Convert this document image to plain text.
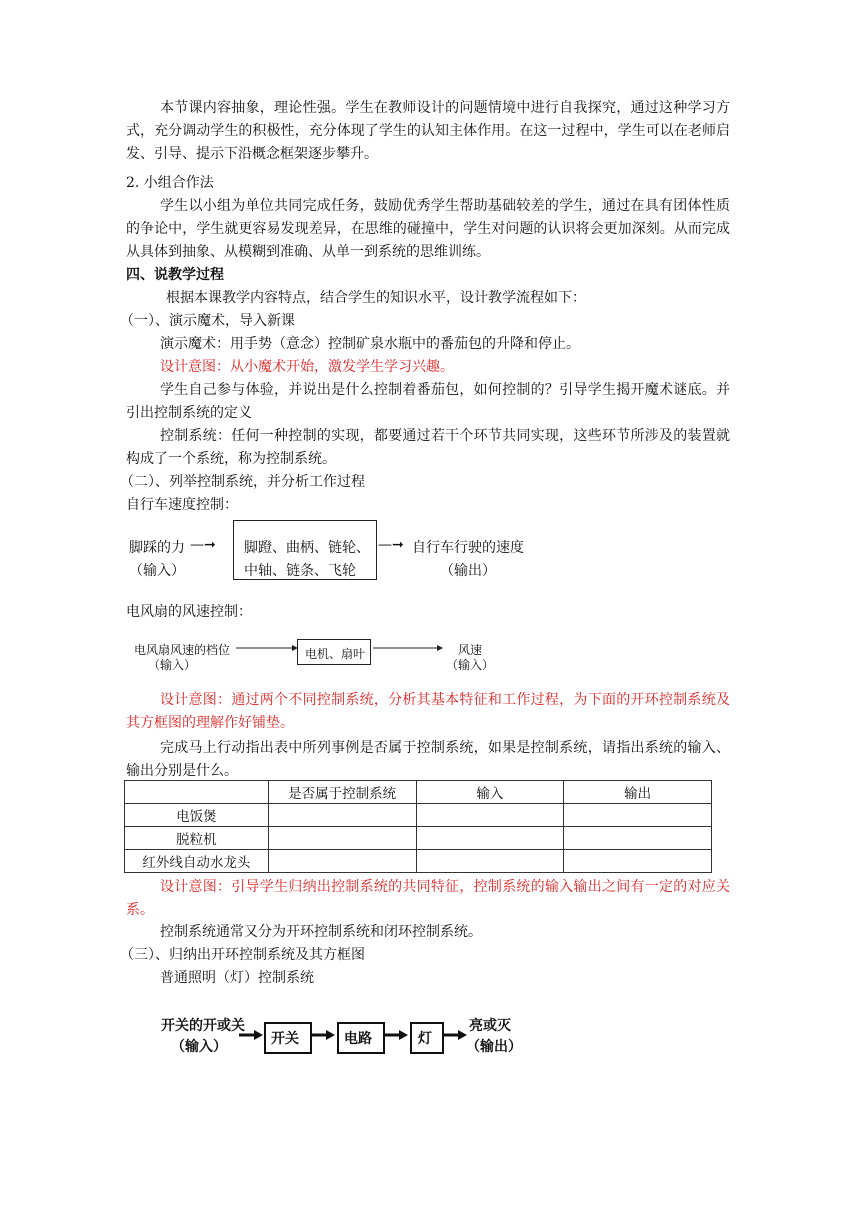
本节课内容抽象，理论性强。学生在教师设计的问题情境中进行自我探究，通过这种学习方式，充分调动学生的积极性，充分体现了学生的认知主体作用。在这一过程中，学生可以在老师启发、引导、提示下沿概念框架逐步攀升。

2. 小组合作法

学生以小组为单位共同完成任务，鼓励优秀学生帮助基础较差的学生，通过在具有团体性质的争论中，学生就更容易发现差异，在思维的碰撞中，学生对问题的认识将会更加深刻。从而完成从具体到抽象、从模糊到准确、从单一到系统的思维训练。

四、说教学过程

根据本课教学内容特点，结合学生的知识水平，设计教学流程如下：

（一）、演示魔术，导入新课

演示魔术：用手势（意念）控制矿泉水瓶中的番茄包的升降和停止。

设计意图：从小魔术开始，激发学生学习兴趣。

学生自己参与体验，并说出是什么控制着番茄包，如何控制的？引导学生揭开魔术谜底。并引出控制系统的定义

控制系统：任何一种控制的实现，都要通过若干个环节共同实现，这些环节所涉及的装置就构成了一个系统，称为控制系统。

（二）、列举控制系统，并分析工作过程

自行车速度控制：

脚踩的力 —➞
（输入）
脚蹬、曲柄、链轮、
中轴、链条、飞轮
—➞ 自行车行驶的速度
（输出）

电风扇的风速控制：

电风扇风速的档位
（输入）
电机、扇叶	风速
（输入）

设计意图：通过两个不同控制系统，分析其基本特征和工作过程，为下面的开环控制系统及其方框图的理解作好铺垫。

完成马上行动指出表中所列事例是否属于控制系统，如果是控制系统，请指出系统的输入、输出分别是什么。

	是否属于控制系统	输入	输出
电饭煲			
脱粒机			
红外线自动水龙头			

设计意图：引导学生归纳出控制系统的共同特征，控制系统的输入输出之间有一定的对应关系。

控制系统通常又分为开环控制系统和闭环控制系统。

（三）、归纳出开环控制系统及其方框图

普通照明（灯）控制系统

开关的开或关
（输入）	开关	电路	灯
亮或灭
（输出）
